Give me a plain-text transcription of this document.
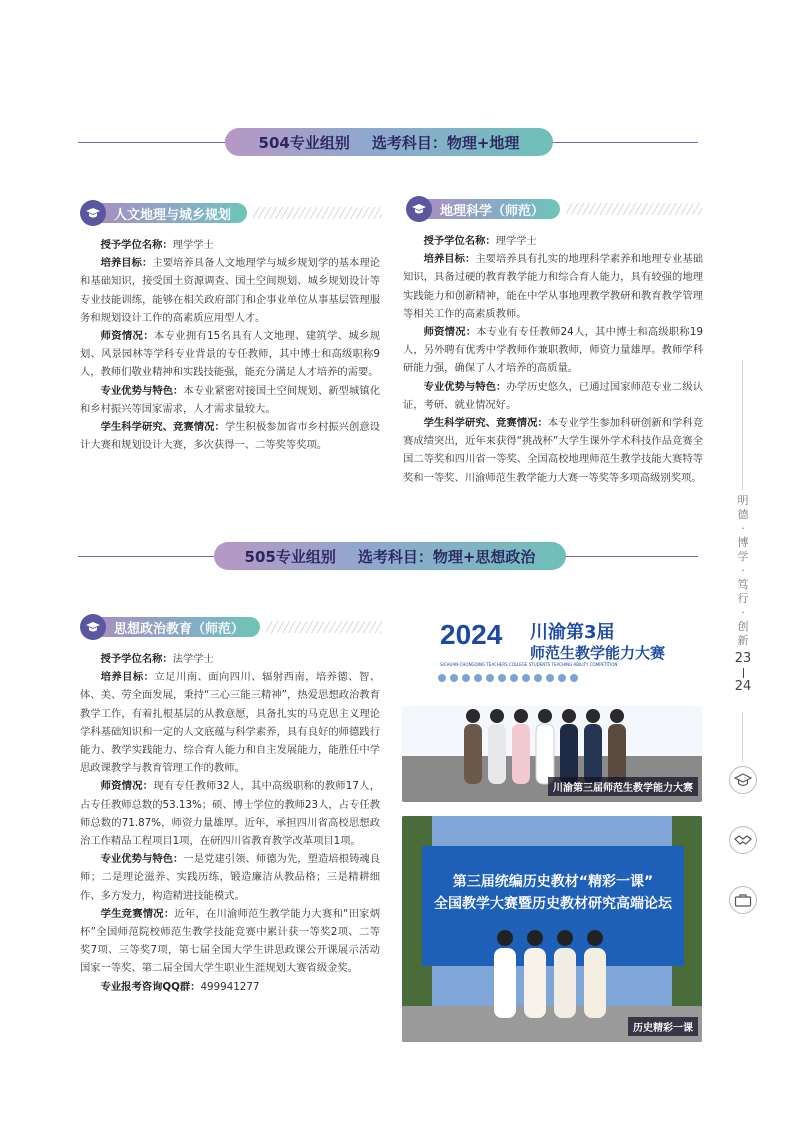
504专业组别 选考科目：物理+地理
人文地理与城乡规划

授予学位名称：理学学士

培养目标：主要培养具备人文地理学与城乡规划学的基本理论和基础知识，接受国土资源调查、国土空间规划、城乡规划设计等专业技能训练，能够在相关政府部门和企事业单位从事基层管理服务和规划设计工作的高素质应用型人才。

师资情况：本专业拥有15名具有人文地理、建筑学、城乡规划、风景园林等学科专业背景的专任教师，其中博士和高级职称9人，教师们敬业精神和实践技能强，能充分满足人才培养的需要。

专业优势与特色：本专业紧密对接国土空间规划、新型城镇化和乡村振兴等国家需求，人才需求量较大。

学生科学研究、竞赛情况：学生积极参加省市乡村振兴创意设计大赛和规划设计大赛，多次获得一、二等奖等奖项。

地理科学（师范）

授予学位名称：理学学士

培养目标：主要培养具有扎实的地理科学素养和地理专业基础知识，具备过硬的教育教学能力和综合育人能力，具有较强的地理实践能力和创新精神，能在中学从事地理教学教研和教育教学管理等相关工作的高素质教师。

师资情况：本专业有专任教师24人，其中博士和高级职称19人，另外聘有优秀中学教师作兼职教师，师资力量雄厚。教师学科研能力强，确保了人才培养的高质量。

专业优势与特色：办学历史悠久，已通过国家师范专业二级认证，考研、就业情况好。

学生科学研究、竞赛情况：本专业学生参加科研创新和学科竞赛成绩突出，近年来获得“挑战杯”大学生课外学术科技作品竞赛全国二等奖和四川省一等奖、全国高校地理师范生教学技能大赛特等奖和一等奖、川渝师范生教学能力大赛一等奖等多项高级别奖项。

505专业组别 选考科目：物理+思想政治
思想政治教育（师范）

授予学位名称：法学学士

培养目标：立足川南、面向四川、辐射西南，培养德、智、体、美、劳全面发展，秉持“三心三能三精神”，热爱思想政治教育教学工作，有着扎根基层的从教意愿，具备扎实的马克思主义理论学科基础知识和一定的人文底蕴与科学素养，具有良好的师德践行能力、教学实践能力、综合育人能力和自主发展能力，能胜任中学思政课教学与教育管理工作的教师。

师资情况：现有专任教师32人，其中高级职称的教师17人，占专任教师总数的53.13%；硕、博士学位的教师23人，占专任教师总数的71.87%，师资力量雄厚。近年，承担四川省高校思想政治工作精品工程项目1项，在研四川省教育教学改革项目1项。

专业优势与特色：一是党建引领、师德为先，塑造培根铸魂良师；二是理论滋养、实践历练，锻造廉洁从教品格；三是精耕细作、多方发力，构造精进技能模式。

学生竞赛情况：近年，在川渝师范生教学能力大赛和“田家炳杯”全国师范院校师范生教学技能竞赛中累计获一等奖2项、二等奖7项、三等奖7项，第七届全国大学生讲思政课公开课展示活动国家一等奖、第二届全国大学生职业生涯规划大赛省级金奖。

专业报考咨询QQ群：499941277

2024 川渝第3届
师范生教学能力大赛
SICHUAN-CHONGQING TEACHERS COLLEGE STUDENTS TEACHING ABILITY COMPETITION
川渝第三届师范生教学能力大赛
第三届统编历史教材“精彩一课”
全国教学大赛暨历史教材研究高端论坛
历史精彩一课
明
德
·
博
学
·
笃
行
·
创
新
23
24
